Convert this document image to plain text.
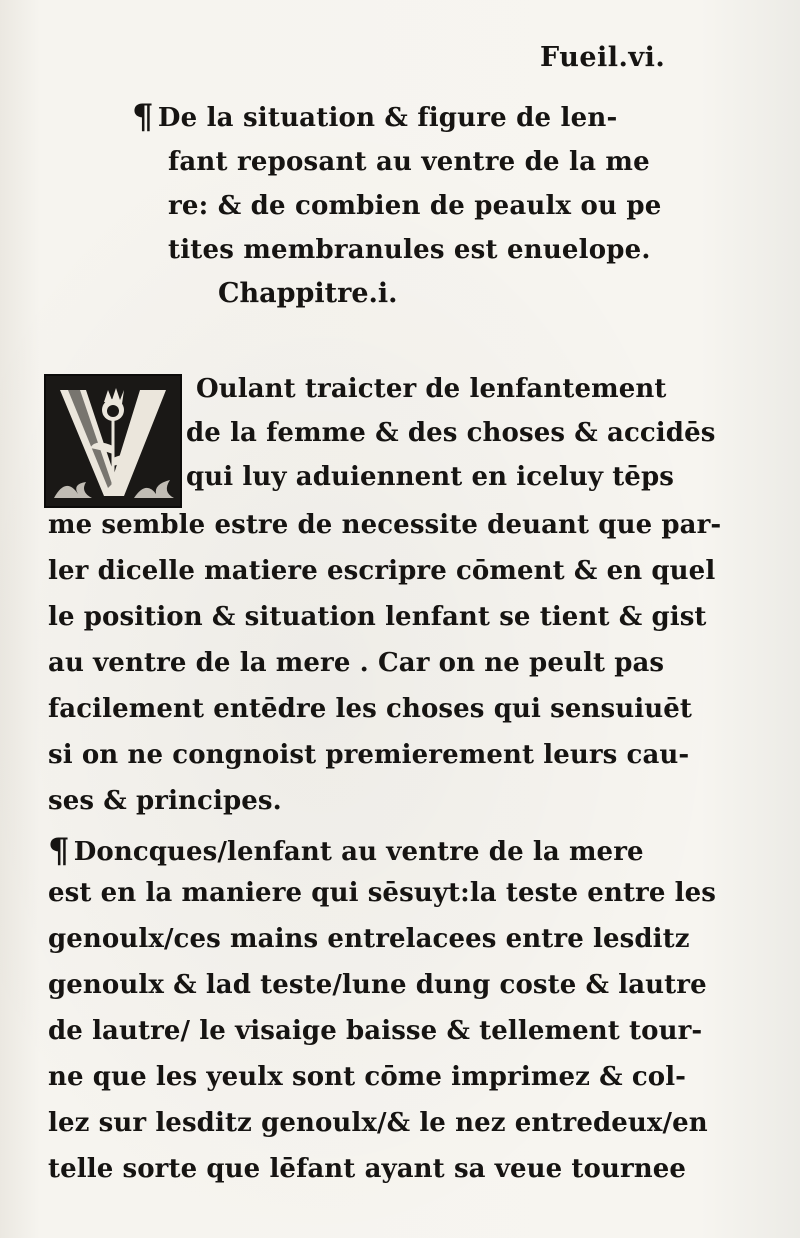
Fueil.vi.
¶ De la situation & figure de len-
fant reposant au ventre de la me
re: & de combien de peaulx ou pe
tites membranules est enuelope.
Chappitre.i.
Oulant traicter de lenfantement
de la femme & des choses & accidēs
qui luy aduiennent en iceluy tēps
me semble estre de necessite deuant que par-
ler dicelle matiere escripre cōment & en quel
le position & situation lenfant se tient & gist
au ventre de la mere . Car on ne peult pas
facilement entēdre les choses qui sensuiuēt
si on ne congnoist premierement leurs cau-
ses & principes.
¶ Doncques/lenfant au ventre de la mere
est en la maniere qui sēsuyt:la teste entre les
genoulx/ces mains entrelacees entre lesditz
genoulx & lad teste/lune dung coste & lautre
de lautre/ le visaige baisse & tellement tour-
ne que les yeulx sont cōme imprimez & col-
lez sur lesditz genoulx/& le nez entredeux/en
telle sorte que lēfant ayant sa veue tournee
